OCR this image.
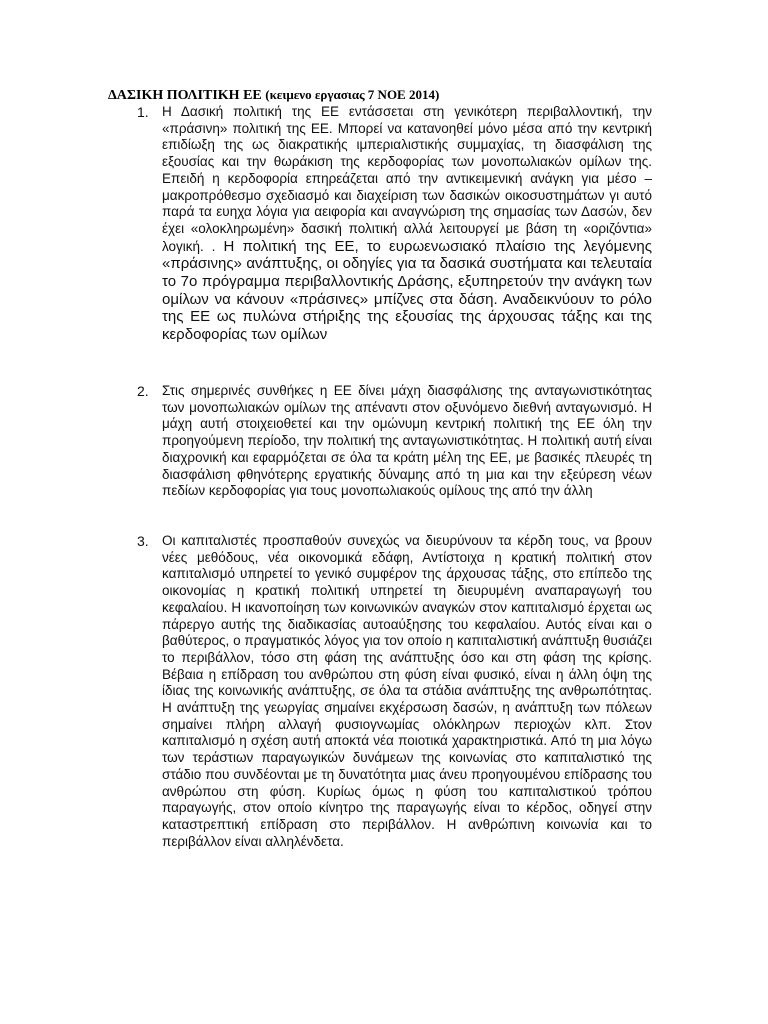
ΔΑΣΙΚΗ ΠΟΛΙΤΙΚΗ ΕΕ (κειμενο εργασιας 7 ΝΟΕ 2014)
1. Η Δασική πολιτική της ΕΕ εντάσσεται στη γενικότερη περιβαλλοντική, την «πράσινη» πολιτική της ΕΕ. Μπορεί να κατανοηθεί μόνο μέσα από την κεντρική επιδίωξη της ως διακρατικής ιμπεριαλιστικής συμμαχίας, τη διασφάλιση της εξουσίας και την θωράκιση της κερδοφορίας των μονοπωλιακών ομίλων της. Επειδή η κερδοφορία επηρεάζεται από την αντικειμενική ανάγκη για μέσο – μακροπρόθεσμο σχεδιασμό και διαχείριση των δασικών οικοσυστημάτων γι αυτό παρά τα ευηχα λόγια για αειφορία και αναγνώριση της σημασίας των Δασών, δεν έχει «ολοκληρωμένη» δασική πολιτική αλλά λειτουργεί με βάση τη «οριζόντια» λογική. . Η πολιτική της ΕΕ, το ευρωενωσιακό πλαίσιο της λεγόμενης «πράσινης» ανάπτυξης, οι οδηγίες για τα δασικά συστήματα και τελευταία το 7ο πρόγραμμα περιβαλλοντικής Δράσης, εξυπηρετούν την ανάγκη των ομίλων να κάνουν «πράσινες» μπίζνες στα δάση. Αναδεικνύουν το ρόλο της ΕΕ ως πυλώνα στήριξης της εξουσίας της άρχουσας τάξης και της κερδοφορίας των ομίλων
2. Στις σημερινές συνθήκες η ΕΕ δίνει μάχη διασφάλισης της ανταγωνιστικότητας των μονοπωλιακών ομίλων της απέναντι στον οξυνόμενο διεθνή ανταγωνισμό. Η μάχη αυτή στοιχειοθετεί και την ομώνυμη κεντρική πολιτική της ΕΕ όλη την προηγούμενη περίοδο, την πολιτική της ανταγωνιστικότητας. Η πολιτική αυτή είναι διαχρονική και εφαρμόζεται σε όλα τα κράτη μέλη της ΕΕ, με βασικές πλευρές τη διασφάλιση φθηνότερης εργατικής δύναμης από τη μια και την εξεύρεση νέων πεδίων κερδοφορίας για τους μονοπωλιακούς ομίλους της από την άλλη
3. Οι καπιταλιστές προσπαθούν συνεχώς να διευρύνουν τα κέρδη τους, να βρουν νέες μεθόδους, νέα οικονομικά εδάφη, Αντίστοιχα η κρατική πολιτική στον καπιταλισμό υπηρετεί το γενικό συμφέρον της άρχουσας τάξης, στο επίπεδο της οικονομίας η κρατική πολιτική υπηρετεί τη διευρυμένη αναπαραγωγή του κεφαλαίου. Η ικανοποίηση των κοινωνικών αναγκών στον καπιταλισμό έρχεται ως πάρεργο αυτής της διαδικασίας αυτοαύξησης του κεφαλαίου. Αυτός είναι και ο βαθύτερος, ο πραγματικός λόγος για τον οποίο η καπιταλιστική ανάπτυξη θυσιάζει το περιβάλλον, τόσο στη φάση της ανάπτυξης όσο και στη φάση της κρίσης. Βέβαια η επίδραση του ανθρώπου στη φύση είναι φυσικό, είναι η άλλη όψη της ίδιας της κοινωνικής ανάπτυξης, σε όλα τα στάδια ανάπτυξης της ανθρωπότητας. Η ανάπτυξη της γεωργίας σημαίνει εκχέρσωση δασών, η ανάπτυξη των πόλεων σημαίνει πλήρη αλλαγή φυσιογνωμίας ολόκληρων περιοχών κλπ. Στον καπιταλισμό η σχέση αυτή αποκτά νέα ποιοτικά χαρακτηριστικά. Από τη μια λόγω των τεράστιων παραγωγικών δυνάμεων της κοινωνίας στο καπιταλιστικό της στάδιο που συνδέονται με τη δυνατότητα μιας άνευ προηγουμένου επίδρασης του ανθρώπου στη φύση. Κυρίως όμως η φύση του καπιταλιστικού τρόπου παραγωγής, στον οποίο κίνητρο της παραγωγής είναι το κέρδος, οδηγεί στην καταστρεπτική επίδραση στο περιβάλλον. Η ανθρώπινη κοινωνία και το περιβάλλον είναι αλληλένδετα.
